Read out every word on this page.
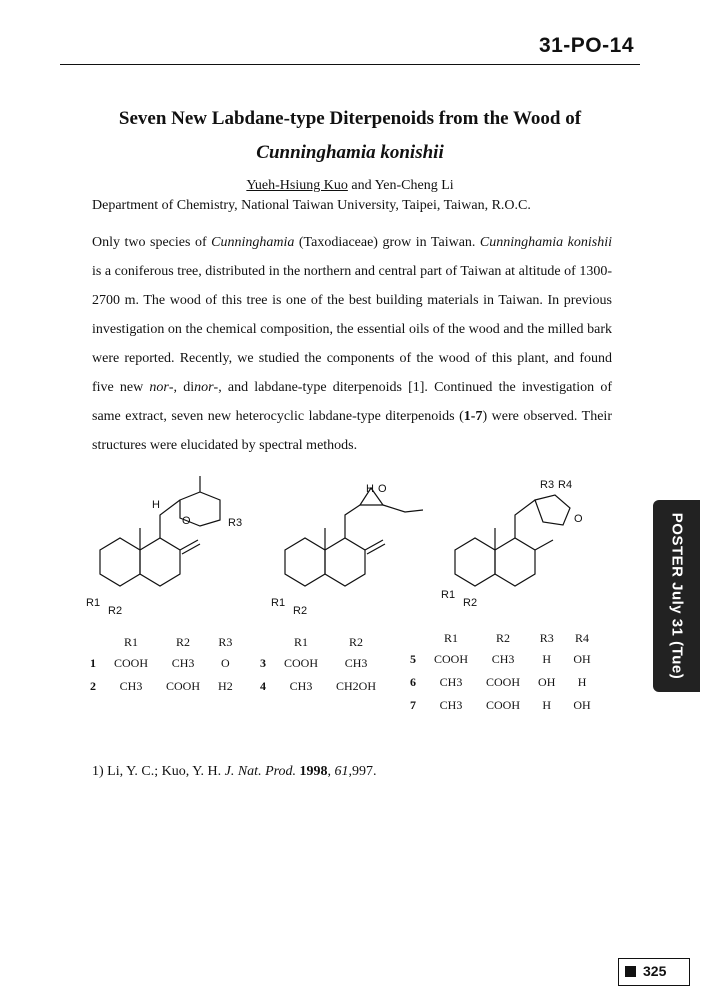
31-PO-14
Seven New Labdane-type Diterpenoids from the Wood of
Cunninghamia konishii
Yueh-Hsiung Kuo and Yen-Cheng Li
Department of Chemistry, National Taiwan University, Taipei, Taiwan, R.O.C.
Only two species of Cunninghamia (Taxodiaceae) grow in Taiwan. Cunninghamia konishii is a coniferous tree, distributed in the northern and central part of Taiwan at altitude of 1300-2700 m. The wood of this tree is one of the best building materials in Taiwan. In previous investigation on the chemical composition, the essential oils of the wood and the milled bark were reported. Recently, we studied the components of the wood of this plant, and found five new nor-, dinor-, and labdane-type diterpenoids [1]. Continued the investigation of same extract, seven new heterocyclic labdane-type diterpenoids (1-7) were observed. Their structures were elucidated by spectral methods.
R1
R2
R3
O
H
R1
R2
H O
R1
R2
R3 R4
O
	R1	R2	R3
1	COOH	CH3	O
2	CH3	COOH	H2
	R1	R2
3	COOH	CH3
4	CH3	CH2OH
	R1	R2	R3	R4
5	COOH	CH3	H	OH
6	CH3	COOH	OH	H
7	CH3	COOH	H	OH
1) Li, Y. C.; Kuo, Y. H. J. Nat. Prod. 1998, 61,997.
POSTER July 31 (Tue)
325
